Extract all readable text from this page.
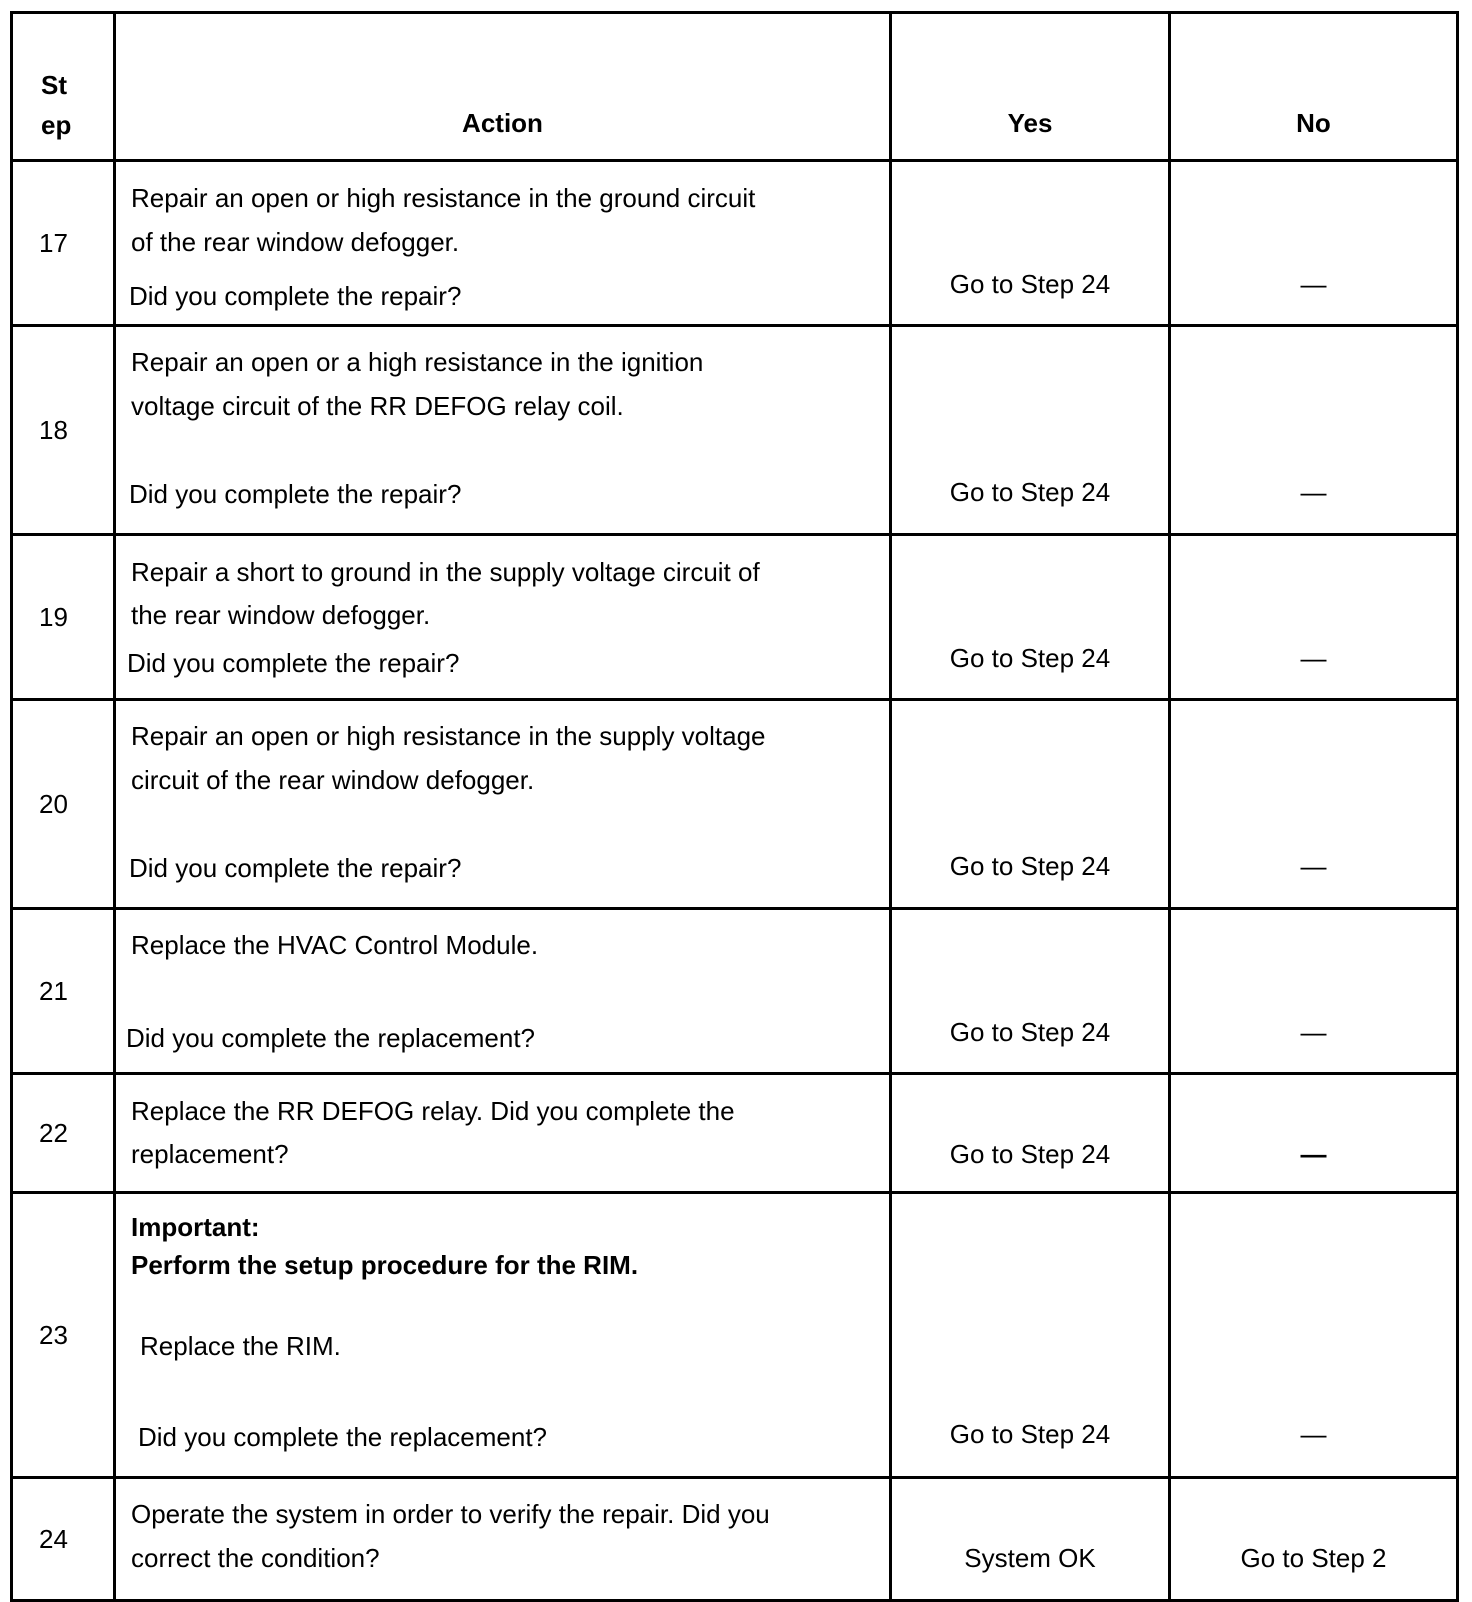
St
ep	Action	Yes	No
17
Repair an open or high resistance in the ground circuit
of the rear window defogger.
Did you complete the repair?	Go to Step 24	—
18
Repair an open or a high resistance in the ignition
voltage circuit of the RR DEFOG relay coil.
Did you complete the repair?	Go to Step 24	—
19
Repair a short to ground in the supply voltage circuit of
the rear window defogger.
Did you complete the repair?	Go to Step 24	—
20
Repair an open or high resistance in the supply voltage
circuit of the rear window defogger.
Did you complete the repair?	Go to Step 24	—
21
Replace the HVAC Control Module.
Did you complete the replacement?	Go to Step 24	—
22
Replace the RR DEFOG relay. Did you complete the
replacement?	Go to Step 24	—
23
Important:
Perform the setup procedure for the RIM.
Replace the RIM.
Did you complete the replacement?	Go to Step 24	—
24
Operate the system in order to verify the repair. Did you
correct the condition?	System OK	Go to Step 2
